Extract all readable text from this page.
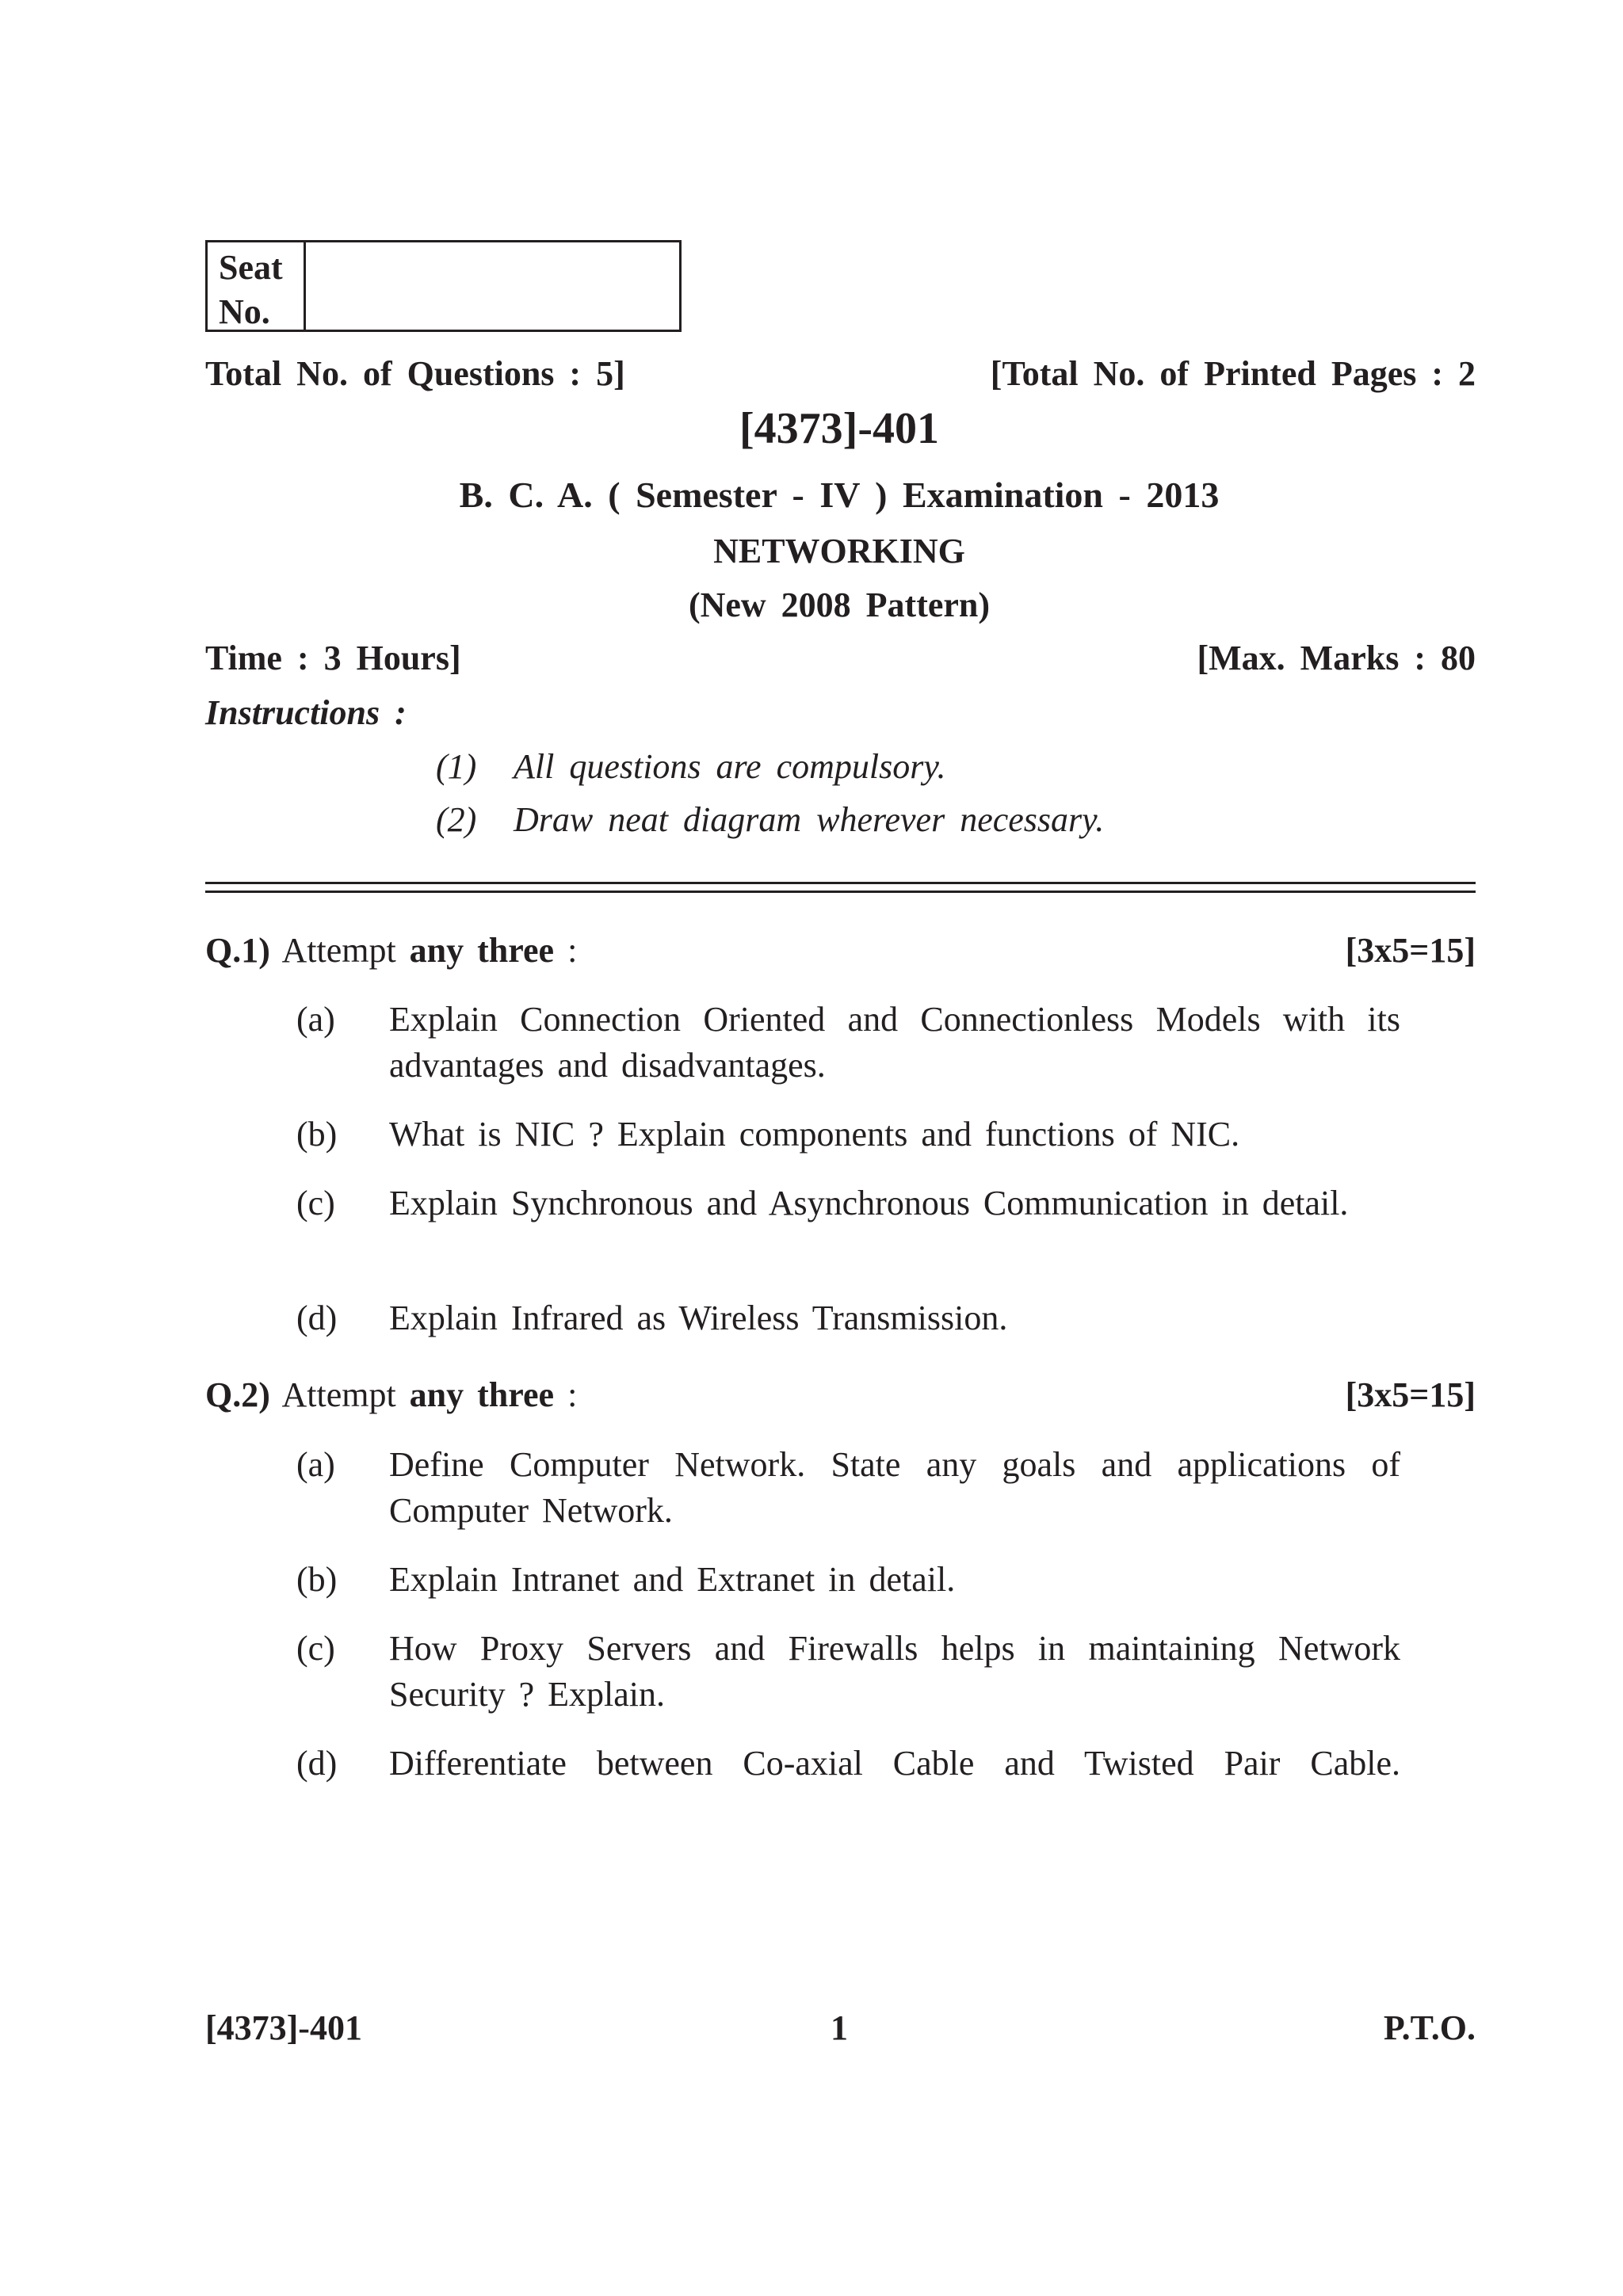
Seat
No.
Total No. of Questions : 5]	[Total No. of Printed Pages : 2
[4373]-401
B. C. A. ( Semester - IV ) Examination - 2013
NETWORKING
(New 2008 Pattern)
Time : 3 Hours]	[Max. Marks : 80
Instructions :
(1) All questions are compulsory.
(2) Draw neat diagram wherever necessary.
Q.1) Attempt any three :	[3x5=15]
(a)	Explain Connection Oriented and Connectionless Models with its advantages and disadvantages.
(b)	What is NIC ? Explain components and functions of NIC.
(c)	Explain Synchronous and Asynchronous Communication in detail.
(d)	Explain Infrared as Wireless Transmission.
Q.2) Attempt any three :	[3x5=15]
(a)	Define Computer Network. State any goals and applications of Computer Network.
(b)	Explain Intranet and Extranet in detail.
(c)	How Proxy Servers and Firewalls helps in maintaining Network Security ? Explain.
(d)	Differentiate between Co-axial Cable and Twisted Pair Cable.
[4373]-401	1	P.T.O.
